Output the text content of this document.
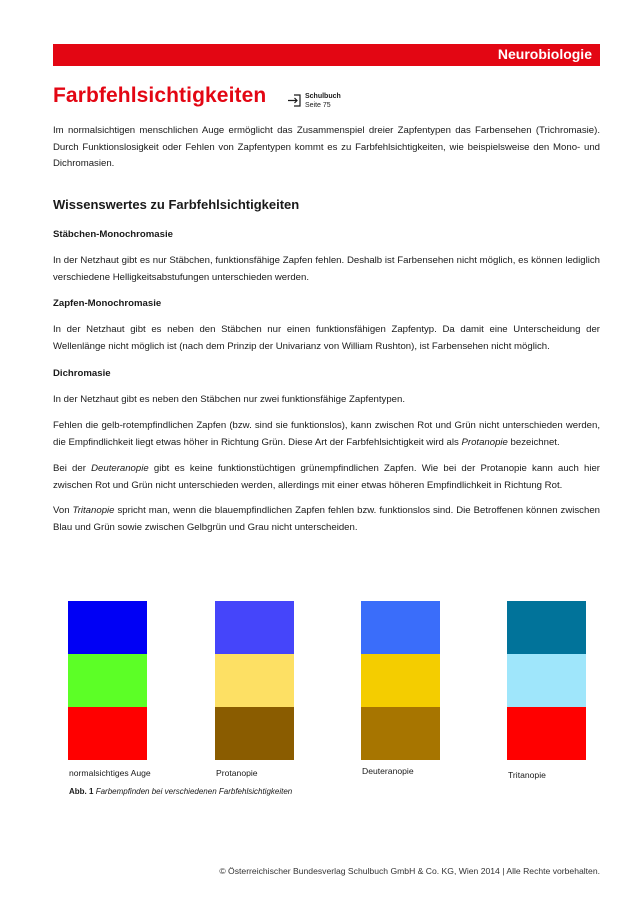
Neurobiologie
Farbfehlsichtigkeiten	Schulbuch
Seite 75

Im normalsichtigen menschlichen Auge ermöglicht das Zusammenspiel dreier Zapfentypen das Farbensehen (Trichromasie). Durch Funktionslosigkeit oder Fehlen von Zapfentypen kommt es zu Farbfehlsichtigkeiten, wie beispielsweise den Mono- und Dichromasien.

Wissenswertes zu Farbfehlsichtigkeiten
Stäbchen-Monochromasie

In der Netzhaut gibt es nur Stäbchen, funktionsfähige Zapfen fehlen. Deshalb ist Farbensehen nicht möglich, es können lediglich verschiedene Helligkeitsabstufungen unterschieden werden.

Zapfen-Monochromasie

In der Netzhaut gibt es neben den Stäbchen nur einen funktionsfähigen Zapfentyp. Da damit eine Unterscheidung der Wellenlänge nicht möglich ist (nach dem Prinzip der Univarianz von William Rushton), ist Farbensehen nicht möglich.

Dichromasie

In der Netzhaut gibt es neben den Stäbchen nur zwei funktionsfähige Zapfentypen.

Fehlen die gelb-rotempfindlichen Zapfen (bzw. sind sie funktionslos), kann zwischen Rot und Grün nicht unterschieden werden, die Empfindlichkeit liegt etwas höher in Richtung Grün. Diese Art der Farbfehlsichtigkeit wird als Protanopie bezeichnet.

Bei der Deuteranopie gibt es keine funktionstüchtigen grünempfindlichen Zapfen. Wie bei der Protanopie kann auch hier zwischen Rot und Grün nicht unterschieden werden, allerdings mit einer etwas höheren Empfindlichkeit in Richtung Rot.

Von Tritanopie spricht man, wenn die blauempfindlichen Zapfen fehlen bzw. funktionslos sind. Die Betroffenen können zwischen Blau und Grün sowie zwischen Gelbgrün und Grau nicht unterscheiden.

normalsichtiges Auge	Protanopie	Deuteranopie	Tritanopie
Abb. 1 Farbempfinden bei verschiedenen Farbfehlsichtigkeiten
© Österreichischer Bundesverlag Schulbuch GmbH & Co. KG, Wien 2014 | Alle Rechte vorbehalten.
